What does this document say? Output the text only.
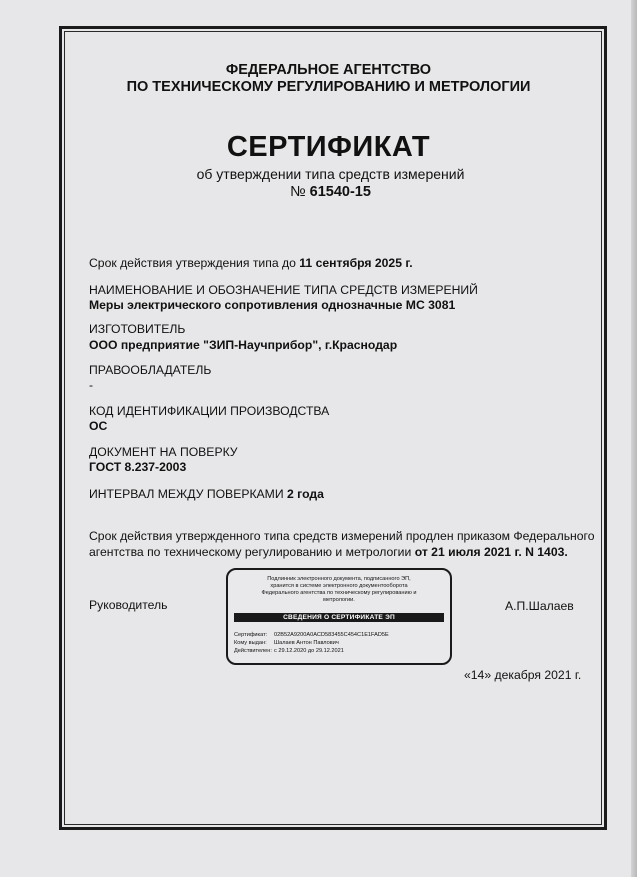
ФЕДЕРАЛЬНОЕ АГЕНТСТВО
ПО ТЕХНИЧЕСКОМУ РЕГУЛИРОВАНИЮ И МЕТРОЛОГИИ
СЕРТИФИКАТ
об утверждении типа средств измерений
№ 61540-15
Срок действия утверждения типа до 11 сентября 2025 г.
НАИМЕНОВАНИЕ И ОБОЗНАЧЕНИЕ ТИПА СРЕДСТВ ИЗМЕРЕНИЙ
Меры электрического сопротивления однозначные МС 3081
ИЗГОТОВИТЕЛЬ
ООО предприятие "ЗИП-Научприбор", г.Краснодар
ПРАВООБЛАДАТЕЛЬ
-
КОД ИДЕНТИФИКАЦИИ ПРОИЗВОДСТВА
ОС
ДОКУМЕНТ НА ПОВЕРКУ
ГОСТ 8.237-2003
ИНТЕРВАЛ МЕЖДУ ПОВЕРКАМИ 2 года
Срок действия утвержденного типа средств измерений продлен приказом Федерального
агентства по техническому регулированию и метрологии от 21 июля 2021 г. N 1403.
Руководитель	А.П.Шалаев
Подлинник электронного документа, подписанного ЭП,
хранится в системе электронного документооборота
Федерального агентства по техническому регулированию и
метрологии.
СВЕДЕНИЯ О СЕРТИФИКАТЕ ЭП
Сертификат: 02B52A9200A0ACD583455C454C1E1FAD5E
Кому выдан: Шалаев Антон Павлович
Действителен: с 29.12.2020 до 29.12.2021
«14» декабря 2021 г.
